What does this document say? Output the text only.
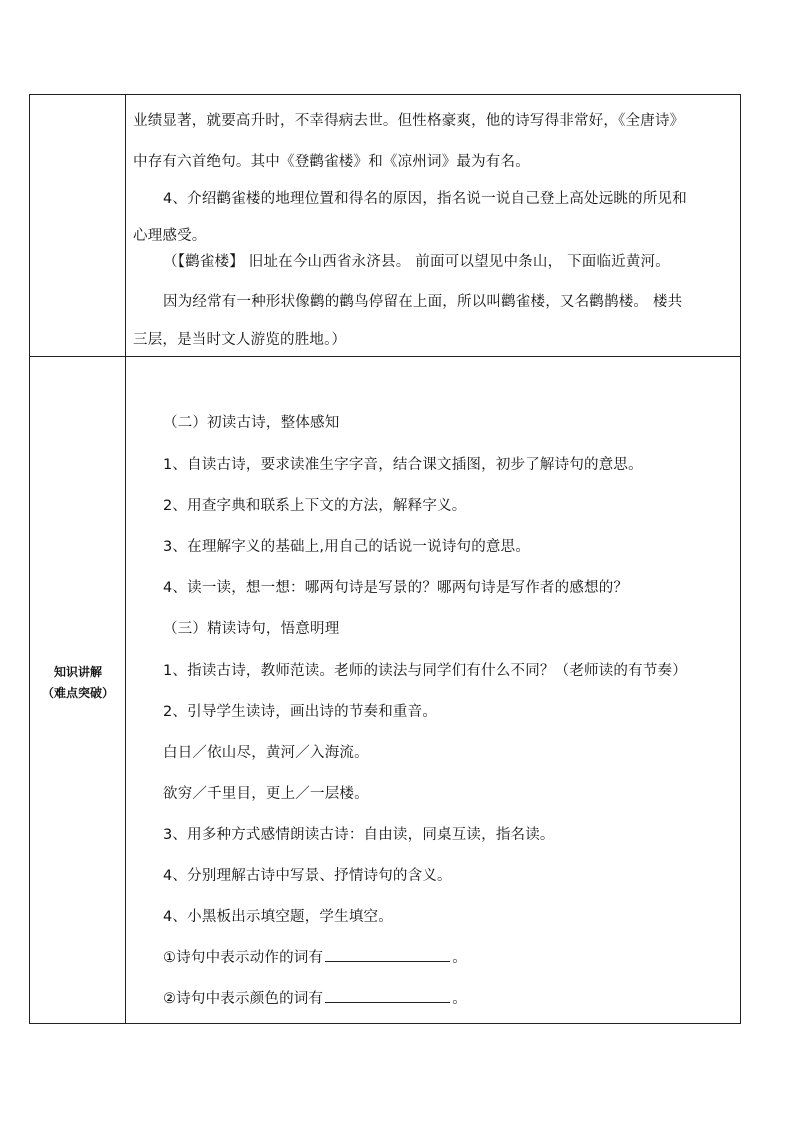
业绩显著，就要高升时，不幸得病去世。但性格豪爽，他的诗写得非常好，《全唐诗》
中存有六首绝句。其中《登鹳雀楼》和《凉州词》最为有名。
4、介绍鹳雀楼的地理位置和得名的原因，指名说一说自己登上高处远眺的所见和
心理感受。
（【鹳雀楼】 旧址在今山西省永济县。 前面可以望见中条山， 下面临近黄河。
因为经常有一种形状像鹳的鹳鸟停留在上面，所以叫鹳雀楼，又名鹳鹊楼。 楼共
三层，是当时文人游览的胜地。）
知识讲解
（难点突破）
（二）初读古诗，整体感知
1、自读古诗，要求读准生字字音，结合课文插图，初步了解诗句的意思。
2、用查字典和联系上下文的方法，解释字义。
3、在理解字义的基础上,用自己的话说一说诗句的意思。
4、读一读，想一想：哪两句诗是写景的？哪两句诗是写作者的感想的？
（三）精读诗句，悟意明理
1、指读古诗，教师范读。老师的读法与同学们有什么不同？（老师读的有节奏）
2、引导学生读诗，画出诗的节奏和重音。
白日／依山尽，黄河／入海流。
欲穷／千里目，更上／一层楼。
3、用多种方式感情朗读古诗：自由读，同桌互读，指名读。
4、分别理解古诗中写景、抒情诗句的含义。
4、小黑板出示填空题，学生填空。
①诗句中表示动作的词有	。
②诗句中表示颜色的词有	。
